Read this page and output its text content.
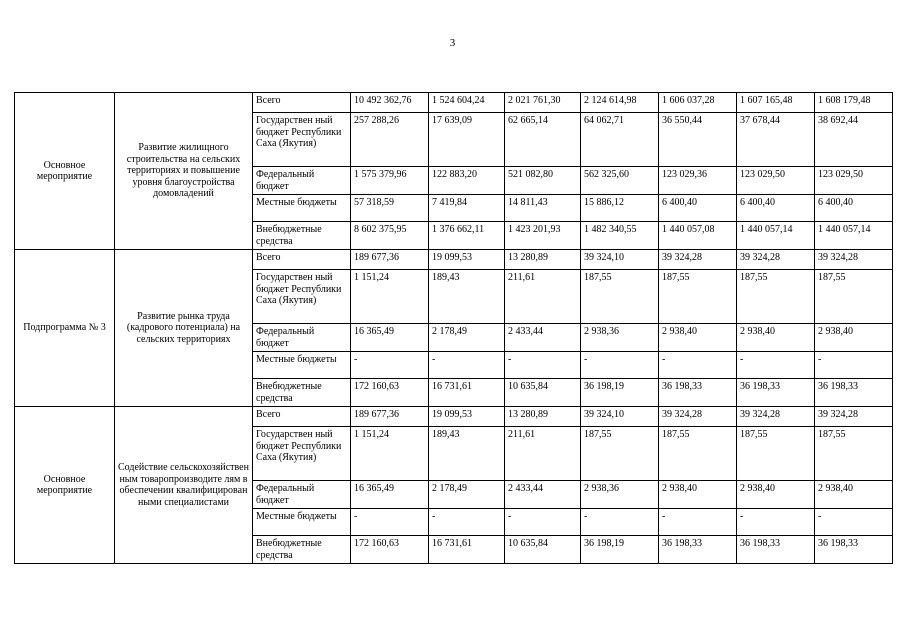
3
Основное мероприятие	Развитие жилищного строительства на сельских территориях и повышение уровня благоустройства домовладений	Всего	10 492 362,76	1 524 604,24	2 021 761,30	2 124 614,98	1 606 037,28	1 607 165,48	1 608 179,48
		Государствен ный бюджет Республики Саха (Якутия)	257 288,26	17 639,09	62 665,14	64 062,71	36 550,44	37 678,44	38 692,44
		Федеральный бюджет	1 575 379,96	122 883,20	521 082,80	562 325,60	123 029,36	123 029,50	123 029,50
		Местные бюджеты	57 318,59	7 419,84	14 811,43	15 886,12	6 400,40	6 400,40	6 400,40
		Внебюджетные средства	8 602 375,95	1 376 662,11	1 423 201,93	1 482 340,55	1 440 057,08	1 440 057,14	1 440 057,14
Подпрограмма № 3	Развитие рынка труда (кадрового потенциала) на сельских территориях	Всего	189 677,36	19 099,53	13 280,89	39 324,10	39 324,28	39 324,28	39 324,28
		Государствен ный бюджет Республики Саха (Якутия)	1 151,24	189,43	211,61	187,55	187,55	187,55	187,55
		Федеральный бюджет	16 365,49	2 178,49	2 433,44	2 938,36	2 938,40	2 938,40	2 938,40
		Местные бюджеты	-	-	-	-	-	-	-
		Внебюджетные средства	172 160,63	16 731,61	10 635,84	36 198,19	36 198,33	36 198,33	36 198,33
Основное мероприятие	Содействие сельскохозяйствен ным товаропроизводите лям в обеспечении квалифицирован ными специалистами	Всего	189 677,36	19 099,53	13 280,89	39 324,10	39 324,28	39 324,28	39 324,28
		Государствен ный бюджет Республики Саха (Якутия)	1 151,24	189,43	211,61	187,55	187,55	187,55	187,55
		Федеральный бюджет	16 365,49	2 178,49	2 433,44	2 938,36	2 938,40	2 938,40	2 938,40
		Местные бюджеты	-	-	-	-	-	-	-
		Внебюджетные средства	172 160,63	16 731,61	10 635,84	36 198,19	36 198,33	36 198,33	36 198,33
